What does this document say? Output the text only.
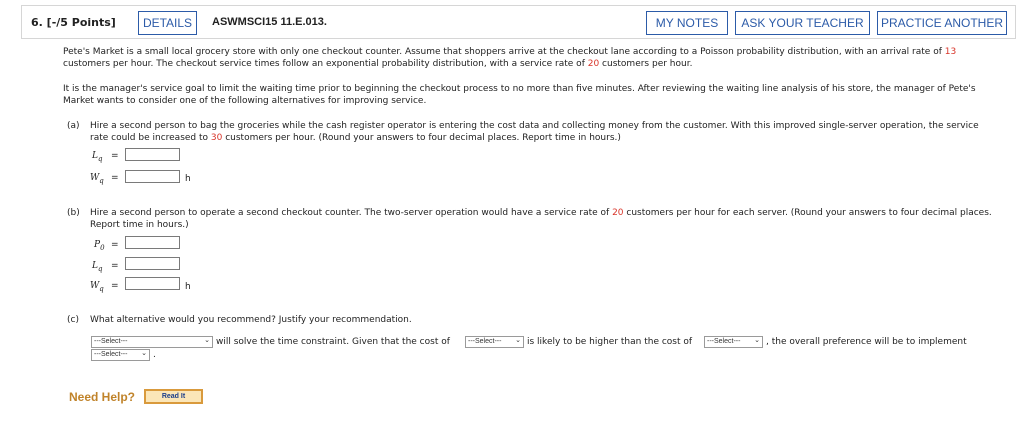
6. [-/5 Points]	DETAILS	ASWMSCI15 11.E.013.	MY NOTES	ASK YOUR TEACHER	PRACTICE ANOTHER
Pete's Market is a small local grocery store with only one checkout counter. Assume that shoppers arrive at the checkout lane according to a Poisson probability distribution, with an arrival rate of 13 customers per hour. The checkout service times follow an exponential probability distribution, with a service rate of 20 customers per hour.
It is the manager's service goal to limit the waiting time prior to beginning the checkout process to no more than five minutes. After reviewing the waiting line analysis of his store, the manager of Pete's Market wants to consider one of the following alternatives for improving service.
(a) Hire a second person to bag the groceries while the cash register operator is entering the cost data and collecting money from the customer. With this improved single-server operation, the service rate could be increased to 30 customers per hour. (Round your answers to four decimal places. Report time in hours.)
$L_q$ =
$W_q$ =	h
(b) Hire a second person to operate a second checkout counter. The two-server operation would have a service rate of 20 customers per hour for each server. (Round your answers to four decimal places. Report time in hours.)
$P_0$ =
$L_q$ =
$W_q$ =	h
(c) What alternative would you recommend? Justify your recommendation.
---Select---	⌄ will solve the time constraint. Given that the cost of	---Select--- ⌄ is likely to be higher than the cost of	---Select--- ⌄ , the overall preference will be to implement
---Select--- ⌄ .
Need Help?	Read It
